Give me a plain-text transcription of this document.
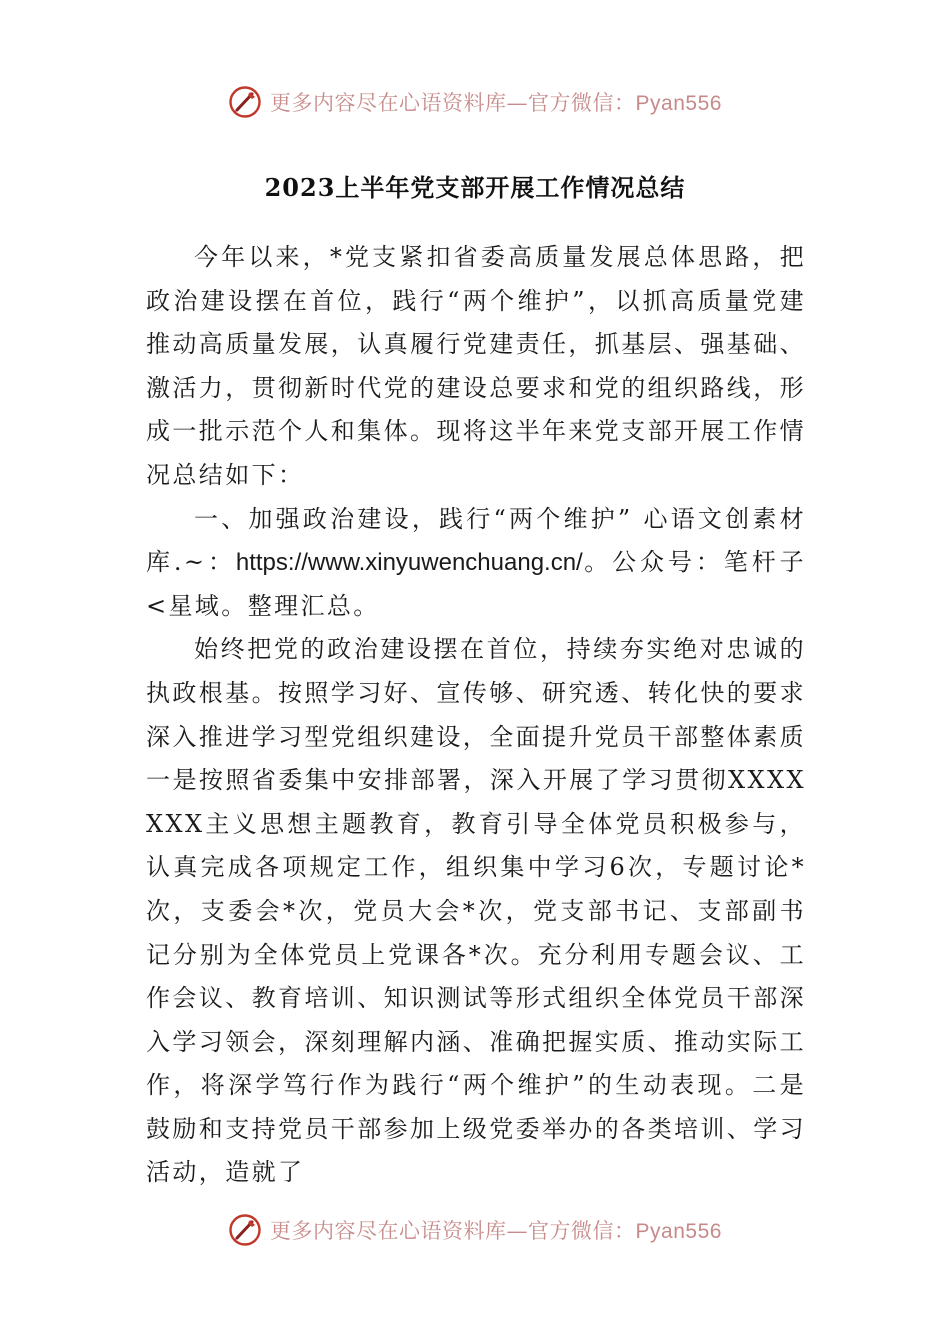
更多内容尽在心语资料库—官方微信：Pyan556
2023上半年党支部开展工作情况总结

今年以来，*党支紧扣省委高质量发展总体思路，把政治建设摆在首位，践行“两个维护”，以抓高质量党建推动高质量发展，认真履行党建责任，抓基层、强基础、激活力，贯彻新时代党的建设总要求和党的组织路线，形成一批示范个人和集体。现将这半年来党支部开展工作情况总结如下：

一、加强政治建设，践行“两个维护” 心语文创素材库.~：https://www.xinyuwenchuang.cn/。公众号：笔杆子<星域。整理汇总。

始终把党的政治建设摆在首位，持续夯实绝对忠诚的执政根基。按照学习好、宣传够、研究透、转化快的要求深入推进学习型党组织建设，全面提升党员干部整体素质一是按照省委集中安排部署，深入开展了学习贯彻XXXXXXX主义思想主题教育，教育引导全体党员积极参与，认真完成各项规定工作，组织集中学习6次，专题讨论*次，支委会*次，党员大会*次，党支部书记、支部副书记分别为全体党员上党课各*次。充分利用专题会议、工作会议、教育培训、知识测试等形式组织全体党员干部深入学习领会，深刻理解内涵、准确把握实质、推动实际工作，将深学笃行作为践行“两个维护”的生动表现。二是鼓励和支持党员干部参加上级党委举办的各类培训、学习活动，造就了

更多内容尽在心语资料库—官方微信：Pyan556
